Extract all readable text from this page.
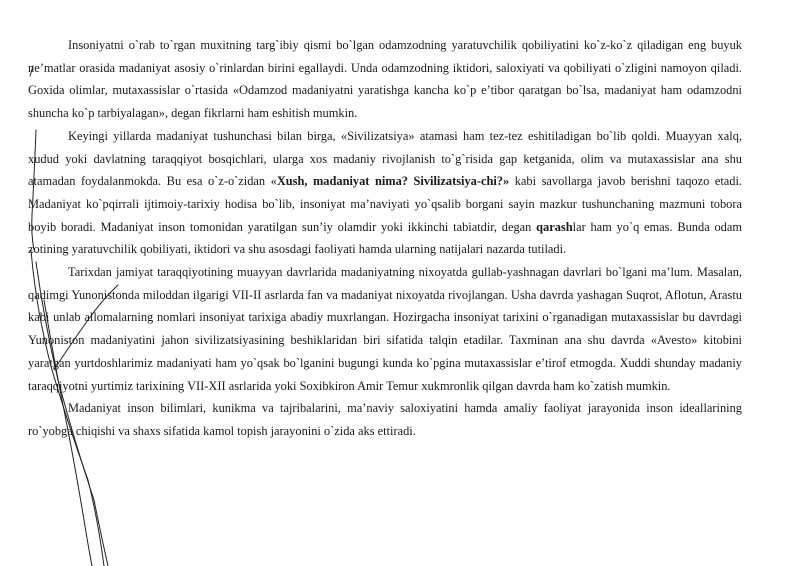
Insoniyatni o`rab to`rgan muxitning targ`ibiy qismi bo`lgan odamzodning yaratuvchilik qobiliyatini ko`z-ko`z qiladigan eng buyuk ne’matlar orasida madaniyat asosiy o`rinlardan birini egallaydi. Unda odamzodning iktidori, saloxiyati va qobiliyati o`zligini namoyon qiladi. Goxida olimlar, mutaxassislar o`rtasida «Odamzod madaniyatni yaratishga kancha ko`p e’tibor qaratgan bo`lsa, madaniyat ham odamzodni shuncha ko`p tarbiyalagan», degan fikrlarni ham eshitish mumkin.

Keyingi yillarda madaniyat tushunchasi bilan birga, «Sivilizatsiya» atamasi ham tez-tez eshitiladigan bo`lib qoldi. Muayyan xalq, xudud yoki davlatning taraqqiyot bosqichlari, ularga xos madaniy rivojlanish to`g`risida gap ketganida, olim va mutaxassislar ana shu atamadan foydalanmokda. Bu esa o`z-o`zidan «Xush, madaniyat nima? Sivilizatsiya-chi?» kabi savollarga javob berishni taqozo etadi. Madaniyat ko`pqirrali ijtimoiy-tarixiy hodisa bo`lib, insoniyat ma’naviyati yo`qsalib borgani sayin mazkur tushunchaning mazmuni tobora boyib boradi. Madaniyat inson tomonidan yaratilgan sun’iy olamdir yoki ikkinchi tabiatdir, degan qarashlar ham yo`q emas. Bunda odam zotining yaratuvchilik qobiliyati, iktidori va shu asosdagi faoliyati hamda ularning natijalari nazarda tutiladi.

Tarixdan jamiyat taraqqiyotining muayyan davrlarida madaniyatning nixoyatda gullab-yashnagan davrlari bo`lgani ma’lum. Masalan, qadimgi Yunonistonda miloddan ilgarigi VII-II asrlarda fan va madaniyat nixoyatda rivojlangan. Usha davrda yashagan Suqrot, Aflotun, Arastu kabi unlab allomalarning nomlari insoniyat tarixiga abadiy muxrlangan. Hozirgacha insoniyat tarixini o`rganadigan mutaxassislar bu davrdagi Yunoniston madaniyatini jahon sivilizatsiyasining beshiklaridan biri sifatida talqin etadilar. Taxminan ana shu davrda «Avesto» kitobini yaratgan yurtdoshlarimiz madaniyati ham yo`qsak bo`lganini bugungi kunda ko`pgina mutaxassislar e’tirof etmogda. Xuddi shunday madaniy taraqqiyotni yurtimiz tarixining VII-XII asrlarida yoki Soxibkiron Amir Temur xukmronlik qilgan davrda ham ko`zatish mumkin.

Madaniyat inson bilimlari, kunikma va tajribalarini, ma’naviy saloxiyatini hamda amaliy faoliyat jarayonida inson ideallarining ro`yobga chiqishi va shaxs sifatida kamol topish jarayonini o`zida aks ettiradi.
